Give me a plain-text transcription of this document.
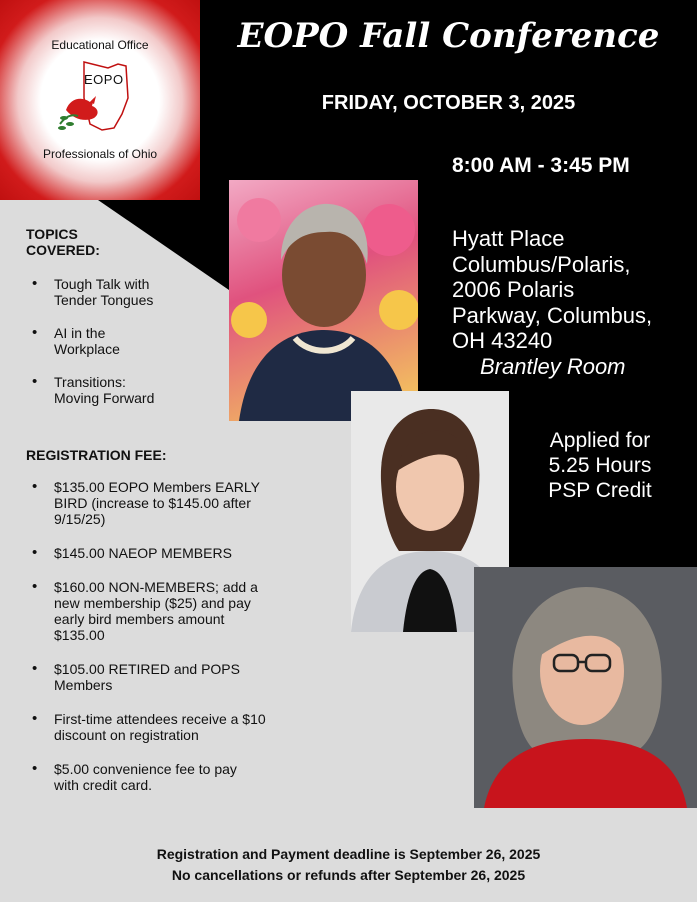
Educational Office
EOPO
Professionals of Ohio
EOPO Fall Conference
FRIDAY, OCTOBER 3, 2025
8:00 AM - 3:45 PM
Hyatt Place
Columbus/Polaris,
2006 Polaris
Parkway, Columbus,
OH 43240
Brantley Room
Applied for
5.25 Hours
PSP Credit
TOPICS
COVERED:
• Tough Talk with
Tender Tongues
• AI in the
Workplace
• Transitions:
Moving Forward
REGISTRATION FEE:
• $135.00 EOPO Members EARLY
BIRD (increase to $145.00 after
9/15/25)
• $145.00 NAEOP MEMBERS
• $160.00 NON-MEMBERS; add a
new membership ($25) and pay
early bird members amount
$135.00
• $105.00 RETIRED and POPS
Members
• First-time attendees receive a $10
discount on registration
• $5.00 convenience fee to pay
with credit card.
Registration and Payment deadline is September 26, 2025
No cancellations or refunds after September 26, 2025
